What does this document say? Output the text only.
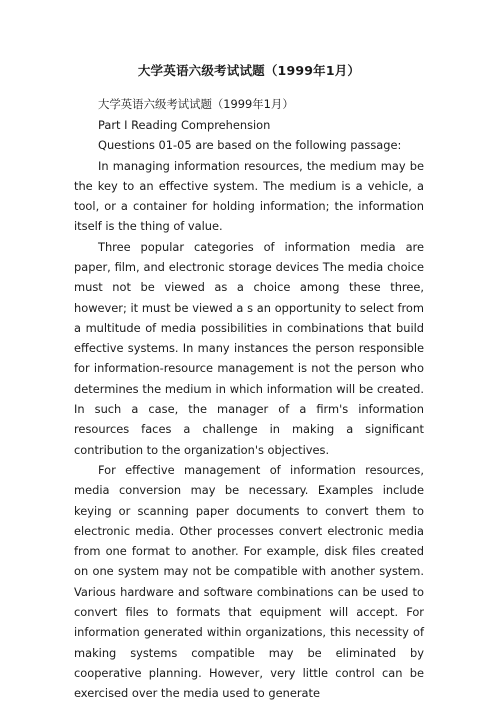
大学英语六级考试试题（1999年1月）

大学英语六级考试试题（1999年1月）

Part I Reading Comprehension

Questions 01-05 are based on the following passage:

In managing information resources, the medium may be the key to an effective system. The medium is a vehicle, a tool, or a container for holding information; the information itself is the thing of value.

Three popular categories of information media are paper, film, and electronic storage devices The media choice must not be viewed as a choice among these three, however; it must be viewed a s an opportunity to select from a multitude of media possibilities in combinations that build effective systems. In many instances the person responsible for information-resource management is not the person who determines the medium in which information will be created. In such a case, the manager of a firm's information resources faces a challenge in making a significant contribution to the organization's objectives.

For effective management of information resources, media conversion may be necessary. Examples include keying or scanning paper documents to convert them to electronic media. Other processes convert electronic media from one format to another. For example, disk files created on one system may not be compatible with another system. Various hardware and software combinations can be used to convert files to formats that equipment will accept. For information generated within organizations, this necessity of making systems compatible may be eliminated by cooperative planning. However, very little control can be exercised over the media used to generate
